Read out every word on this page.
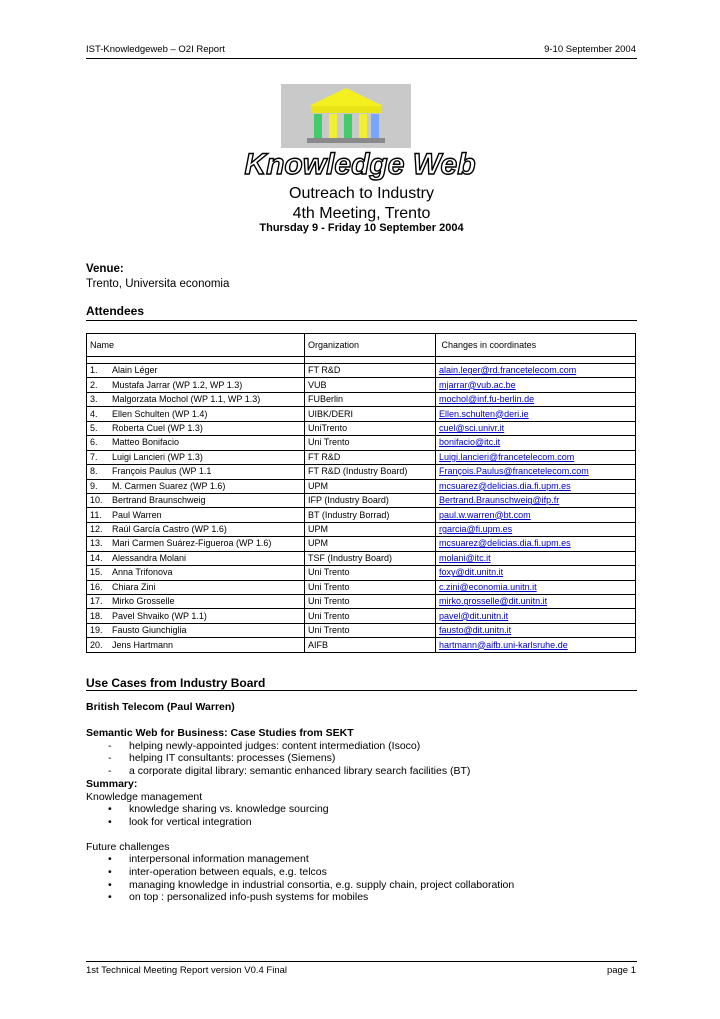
IST-Knowledgeweb – O2I Report	9-10 September 2004
Knowledge Web
Outreach to Industry
4th Meeting, Trento
Thursday 9 - Friday 10 September 2004
Venue:
Trento, Universita economia
Attendees
Name	Organization	Changes in coordinates

1. Alain Léger	FT R&D	alain.leger@rd.francetelecom.com
2. Mustafa Jarrar (WP 1.2, WP 1.3)	VUB	mjarrar@vub.ac.be
3. Malgorzata Mochol (WP 1.1, WP 1.3)	FUBerlin	mochol@inf.fu-berlin.de
4. Ellen Schulten (WP 1.4)	UIBK/DERI	Ellen.schulten@deri.ie
5. Roberta Cuel (WP 1.3)	UniTrento	cuel@sci.univr.it
6. Matteo Bonifacio	Uni Trento	bonifacio@itc.it
7. Luigi Lancieri (WP 1.3)	FT R&D	Luigi.lancieri@francetelecom.com
8. François Paulus (WP 1.1	FT R&D (Industry Board)	François.Paulus@francetelecom.com
9. M. Carmen Suarez (WP 1.6)	UPM	mcsuarez@delicias.dia.fi.upm.es
10. Bertrand Braunschweig	IFP (Industry Board)	Bertrand.Braunschweig@ifp.fr
11. Paul Warren	BT (Industry Borrad)	paul.w.warren@bt.com
12. Raúl García Castro (WP 1.6)	UPM	rgarcia@fi.upm.es
13. Mari Carmen Suárez-Figueroa (WP 1.6)	UPM	mcsuarez@delicias.dia.fi.upm.es
14. Alessandra Molani	TSF (Industry Board)	molani@itc.it
15. Anna Trifonova	Uni Trento	foxy@dit.unitn.it
16. Chiara Zini	Uni Trento	c.zini@economia.unitn.it
17. Mirko Grosselle	Uni Trento	mirko.grosselle@dit.unitn.it
18. Pavel Shvaiko (WP 1.1)	Uni Trento	pavel@dit.unitn.it
19. Fausto Giunchiglia	Uni Trento	fausto@dit.unitn.it
20. Jens Hartmann	AIFB	hartmann@aifb.uni-karlsruhe.de
Use Cases from Industry Board
British Telecom (Paul Warren)
Semantic Web for Business: Case Studies from SEKT
- helping newly-appointed judges: content intermediation (Isoco)
- helping IT consultants: processes (Siemens)
- a corporate digital library: semantic enhanced library search facilities (BT)
Summary:
Knowledge management
• knowledge sharing vs. knowledge sourcing
• look for vertical integration
Future challenges
• interpersonal information management
• inter-operation between equals, e.g. telcos
• managing knowledge in industrial consortia, e.g. supply chain, project collaboration
• on top : personalized info-push systems for mobiles
1st Technical Meeting Report version V0.4 Final	page 1
